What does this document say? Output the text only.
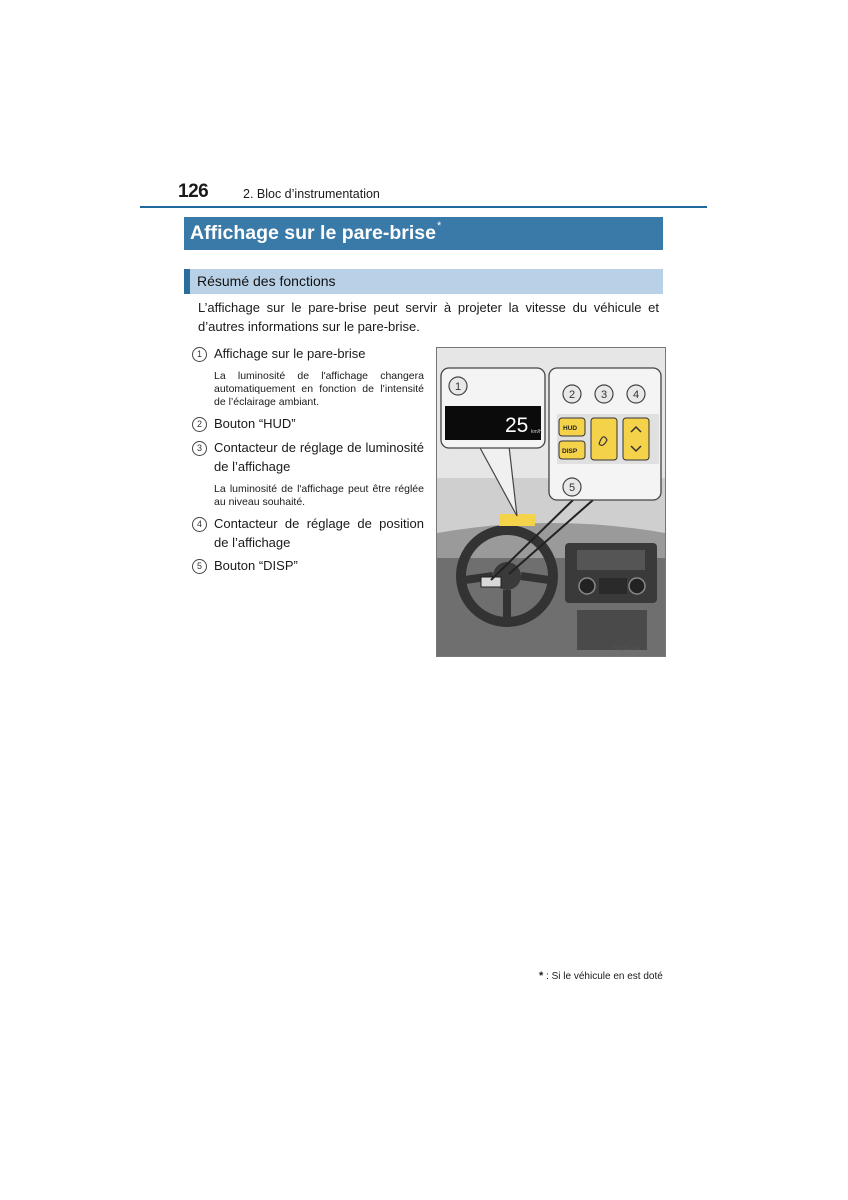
126	2. Bloc d’instrumentation
Affichage sur le pare-brise*
Résumé des fonctions
L’affichage sur le pare-brise peut servir à projeter la vitesse du véhicule et d’autres informations sur le pare-brise.
1 Affichage sur le pare-brise
La luminosité de l'affichage changera automatiquement en fonction de l’intensité de l’éclairage ambiant.
2 Bouton “HUD”
3 Contacteur de réglage de luminosité de l’affichage
La luminosité de l'affichage peut être réglée au niveau souhaité.
4 Contacteur de réglage de position de l’affichage
5 Bouton “DISP”
25 km/h
1
HUD
DISP
2 3 4
5
ISQ5320a
* : Si le véhicule en est doté
